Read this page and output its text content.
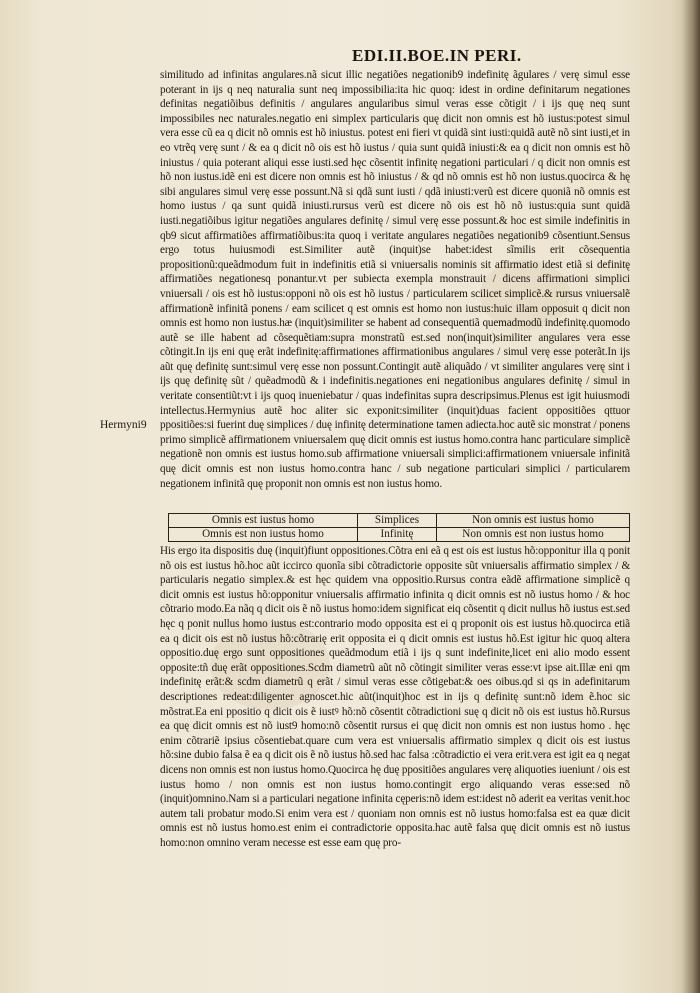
EDI.II.BOE.IN PERI.
Hermyni9

similitudo ad infinitas angulares.nã sicut illic negatiões negationib9 indefinitę ãgulares / verę simul esse poterant in ijs q neq naturalia sunt neq impossibilia:ita hic quoq: idest in ordine definitarum negationes definitas negatiõibus definitis / angulares angularibus simul veras esse cõtigit / i ijs quę neq sunt impossibiles nec naturales.negatio eni simplex particularis quę dicit non omnis est hõ iustus:potest simul vera esse cũ ea q dicit nõ omnis est hõ iniustus. potest eni fieri vt quidã sint iusti:quidã autẽ nõ sint iusti,et in eo vtrẽq verę sunt / & ea q dicit nõ ois est hõ iustus / quia sunt quidã iniusti:& ea q dicit non omnis est hõ iniustus / quia poterant aliqui esse iusti.sed hęc cõsentit infinitę negationi particulari / q dicit non omnis est hõ non iustus.idẽ eni est dicere non omnis est hõ iniustus / & qd nõ omnis est hõ non iustus.quocirca & hę sibi angulares simul verę esse possunt.Nã si qdã sunt iusti / qdã iniusti:verũ est dicere quoniã nõ omnis est homo iustus / qa sunt quidã iniusti.rursus verũ est dicere nõ ois est hõ nõ iustus:quia sunt quidã iusti.negatiõibus igitur negatiões angulares definitę / simul verę esse possunt.& hoc est simile indefinitis in qb9 sicut affirmatiões affirmatiõibus:ita quoq i veritate angulares negatiões negationib9 cõsentiunt.Sensus ergo totus huiusmodi est.Similiter autẽ (inquit)se habet:idest sĩmilis erit cõsequentia propositionũ:queãdmodum fuit in indefinitis etiã si vniuersalis nominis sit affirmatio idest etiã si definitę affirmatiões negationesq ponantur.vt per subiecta exempla monstrauit / dicens affirmationi simplici vniuersali / ois est hõ iustus:opponi nõ ois est hõ iustus / particularem scilicet simplicẽ.& rursus vniuersalẽ affirmationẽ infinitã ponens / eam scilicet q est omnis est homo non iustus:huic illam opposuit q dicit non omnis est homo non iustus.hæ (inquit)similiter se habent ad consequentiã quemadmodũ indefinitę.quomodo autẽ se ille habent ad cõsequẽtiam:supra monstratũ est.sed non(inquit)similiter angulares vera esse cõtingit.In ijs eni quę erãt indefinitę:affirmationes affirmationibus angulares / simul verę esse poterãt.In ijs aũt quę definitę sunt:simul verę esse non possunt.Contingit autẽ aliquãdo / vt similiter angulares verę sint i ijs quę definitę sũt / quẽadmodũ & i indefinitis.negationes eni negationibus angulares definitę / simul in veritate consentiũt:vt i ijs quoq inueniebatur / quas indefinitas supra descripsimus.Plenus est igit huiusmodi intellectus.Hermynius autẽ hoc aliter sic exponit:similiter (inquit)duas facient oppositiões qttuor ppositiões:si fuerint duę simplices / duę infinitę determinatione tamen adiecta.hoc autẽ sic monstrat / ponens primo simplicẽ affirmationem vniuersalem quę dicit omnis est iustus homo.contra hanc particulare simplicẽ negationẽ non omnis est iustus homo.sub affirmatione vniuersali simplici:affirmationem vniuersale infinitã quę dicit omnis est non iustus homo.contra hanc / sub negatione particulari simplici / particularem negationem infinitã quę proponit non omnis est non iustus homo.

Omnis est iustus homo	Simplices	Non omnis est iustus homo
Omnis est non iustus homo	Infinitę	Non omnis est non iustus homo

His ergo ita dispositis duę (inquit)fiunt oppositiones.Cõtra eni eã q est ois est iustus hõ:opponitur illa q ponit nõ ois est iustus hõ.hoc aũt iccirco quonĩa sibi cõtradictorie opposite sũt vniuersalis affirmatio simplex / & particularis negatio simplex.& est hęc quidem vna oppositio.Rursus contra eãdẽ affirmatione simplicẽ q dicit omnis est iustus hõ:opponitur vniuersalis affirmatio infinita q dicit omnis est nõ iustus homo / & hoc cõtrario modo.Ea nãq q dicit ois ẽ nõ iustus homo:idem significat eiq cõsentit q dicit nullus hõ iustus est.sed hęc q ponit nullus homo iustus est:contrario modo opposita est ei q proponit ois est iustus hõ.quocirca etiã ea q dicit ois est nõ iustus hõ:cõtrarię erit opposita ei q dicit omnis est iustus hõ.Est igitur hic quoq altera oppositio.duę ergo sunt oppositiones queãdmodum etiã i ijs q sunt indefinite,licet eni alio modo essent opposite:tñ duę erãt oppositiones.Scdm diametrũ aũt nõ cõtingit similiter veras esse:vt ipse ait.Illæ eni qm indefinitę erãt:& scdm diametrũ q erãt / simul veras esse cõtigebat:& oes oibus.qd si qs in adefinitarum descriptiones redeat:diligenter agnoscet.hic aũt(inquit)hoc est in ijs q definitę sunt:nõ idem ẽ.hoc sic mõstrat.Ea eni ppositio q dicit ois ẽ iustꝰ hõ:nõ cõsentit cõtradictioni suę q dicit nõ ois est iustus hõ.Rursus ea quę dicit omnis est nõ iust9 homo:nõ cõsentit rursus ei quę dicit non omnis est non iustus homo . hęc enim cõtrariẽ ipsius cõsentiebat.quare cum vera est vniuersalis affirmatio simplex q dicit ois est iustus hõ:sine dubio falsa ẽ ea q dicit ois ẽ nõ iustus hõ.sed hac falsa :cõtradictio ei vera erit.vera est igit ea q negat dicens non omnis est non iustus homo.Quocirca hę duę ppositiões angulares verę aliquoties iueniunt / ois est iustus homo / non omnis est non iustus homo.contingit ergo aliquando veras esse:sed nõ (inquit)omnino.Nam si a particulari negatione infinita cęperis:nõ idem est:idest nõ aderit ea veritas venit.hoc autem tali probatur modo.Si enim vera est / quoniam non omnis est nõ iustus homo:falsa est ea quæ dicit omnis est nõ iustus homo.est enim ei contradictorie opposita.hac autẽ falsa quę dicit omnis est nõ iustus homo:non omnino veram necesse est esse eam quę pro-
